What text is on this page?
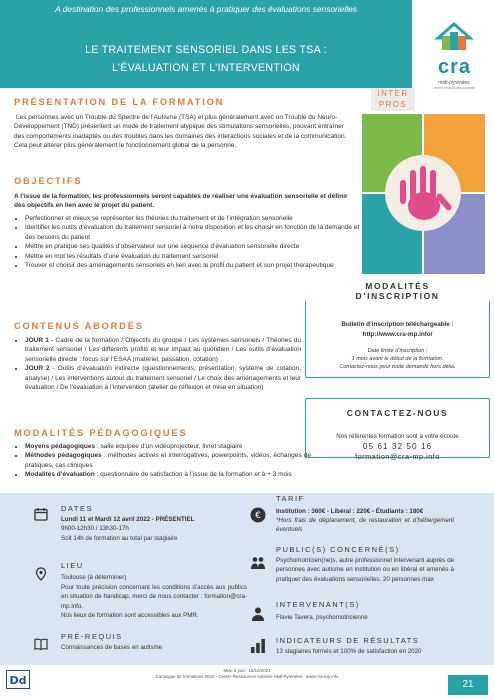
A destination des professionnels amenés à pratiquer des évaluations sensorielles
LE TRAITEMENT SENSORIEL DANS LES TSA :
L’ÉVALUATION ET L’INTERVENTION	cra
midi-pyrénées
centre ressources autisme
INTER
PROS
PRÉSENTATION DE LA FORMATION
Les personnes avec un Trouble du Spectre de l’Autisme (TSA) et plus généralement avec un Trouble du Neuro-Développement (TND) présentent un mode de traitement atypique des stimulations sensorielles, pouvant entraîner des comportements inadaptés ou des troubles dans les domaines des interactions sociales et de la communication. Cela peut altérer plus généralement le fonctionnement global de la personne.
OBJECTIFS
A l’issue de la formation, les professionnels seront capables de réaliser une évaluation sensorielle et définir des objectifs en lien avec le projet du patient.
• Perfectionner et mieux se représenter les théories du traitement et de l’intégration sensorielle
• Identifier les outils d’évaluation du traitement sensoriel à notre disposition et les choisir en fonction de la demande et des besoins du patient
• Mettre en pratique ses qualités d’observateur sur une séquence d’évaluation sensorielle directe
• Mettre en mot les résultats d’une évaluation du traitement sensoriel
• Trouver et choisir des aménagements sensoriels en lien avec le profil du patient et son projet thérapeutique
MODALITÉS
D’INSCRIPTION
Bulletin d’inscription téléchargeable :
http://www.cra-mp.info/
Date limite d’inscription :
1 mois avant le début de la formation.
Contactez-nous pour toute demande hors délai.
CONTENUS ABORDÉS
• JOUR 1 - Cadre de la formation / Objectifs du groupe / Les systèmes sensoriels / Théories du traitement sensoriel / Les différents profils et leur impact au quotidien / Les outils d’évaluation sensorielle directe : focus sur l’ESAA (matériel, passation, cotation)
• JOUR 2 - Outils d’évaluation indirecte (questionnements, présentation, système de cotation, analyse) / Les interventions autour du traitement sensoriel / Le choix des aménagements et leur évaluation / De l’évaluation à l’intervention (atelier de réflexion et mise en situation)
CONTACTEZ-NOUS
Nos référentes formation sont à votre écoute
05 61 32 50 16
formation@cra-mp.info
MODALITÉS PÉDAGOGIQUES
• Moyens pédagogiques : salle équipée d’un vidéoprojecteur, livret stagiaire
• Méthodes pédagogiques : méthodes actives et interrogatives, powerpoints, vidéos, échanges de pratiques, cas cliniques
• Modalités d’évaluation : questionnaire de satisfaction à l’issue de la formation et à + 3 mois
DATES
Lundi 11 et Mardi 12 avril 2022 - PRÉSENTIEL
9h00-12h30 / 13h30-17h
Soit 14h de formation au total par stagiaire
LIEU
Toulouse (à déterminer)
Pour toute précision concernant les conditions d’accès aux publics en situation de handicap, merci de nous contacter : formation@cra-mp.info.
Nos lieux de formation sont accessibles aux PMR.
PRÉ-REQUIS
Connaissances de bases en autisme
€
TARIF
Institution : 360€ - Libéral : 220€ - Étudiants : 180€
*Hors frais de déplacement, de restauration et d’hébergement éventuels
PUBLIC(S) CONCERNÉ(S)
Psychomotricien(ne)s, autre professionnel intervenant auprès de personnes avec autisme en institution ou en libéral et amenés à pratiquer des évaluations sensorielles. 20 personnes max
INTERVENANT(S)
Flavie Tavera, psychomotricienne
INDICATEURS DE RÉSULTATS
13 stagiaires formés et 100% de satisfaction en 2020
Dd
Mise à jour : 15/10/2021
Catalogue de formations 2022 - Centre Ressources Autisme Midi-Pyrénées - www.cra-mp.info
21
